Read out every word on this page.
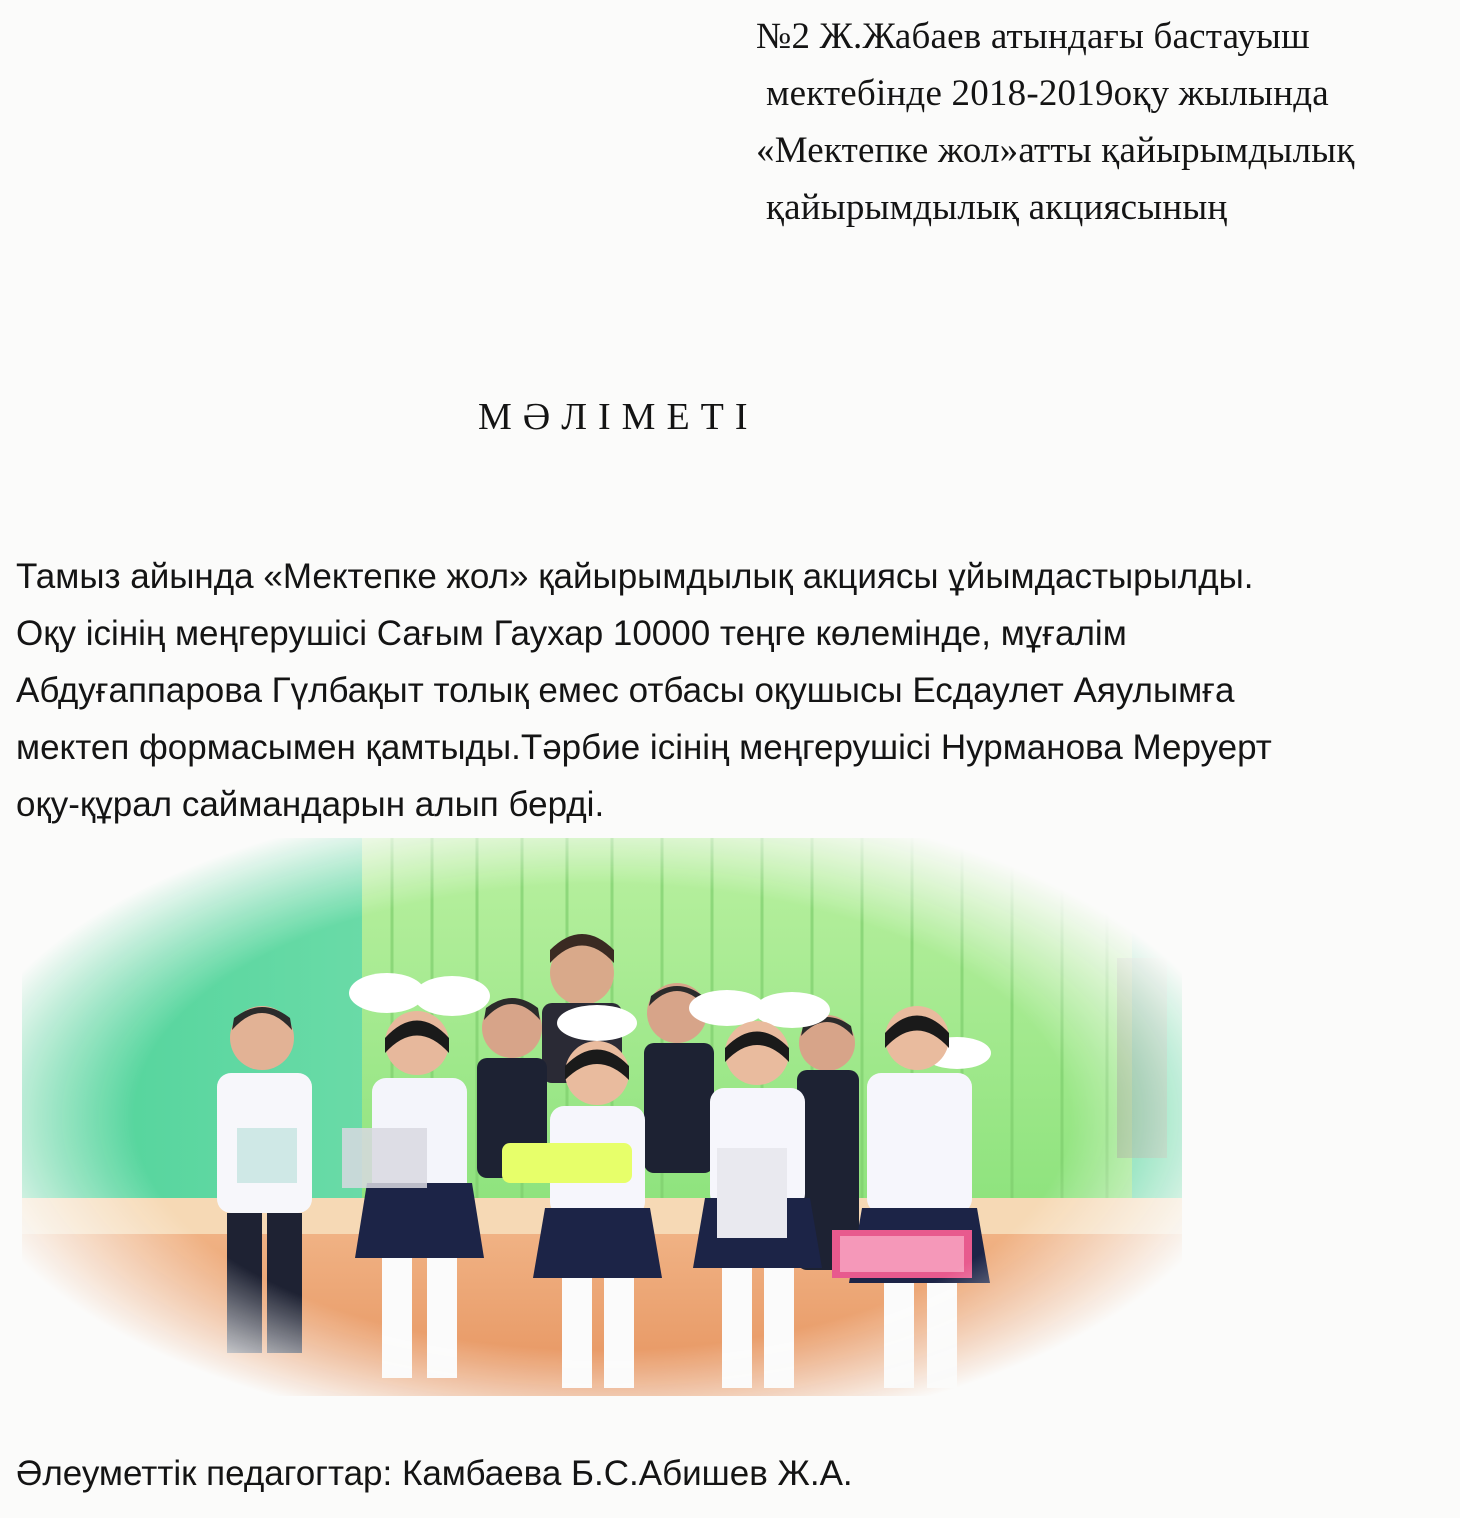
№2 Ж.Жабаев атындағы бастауыш
мектебінде 2018-2019оқу жылында
«Мектепке жол»атты қайырымдылық
қайырымдылық акциясының
МӘЛІМЕТІ
Тамыз айында «Мектепке жол» қайырымдылық акциясы ұйымдастырылды.
Оқу ісінің меңгерушісі Сағым Гаухар 10000 теңге көлемінде, мұғалім
Абдуғаппарова Гүлбақыт толық емес отбасы оқушысы Есдаулет Аяулымға
мектеп формасымен қамтыды.Тәрбие ісінің меңгерушісі Нурманова Меруерт
оқу-құрал саймандарын алып берді.
Әлеуметтік педагогтар: Камбаева Б.С.Абишев Ж.А.
